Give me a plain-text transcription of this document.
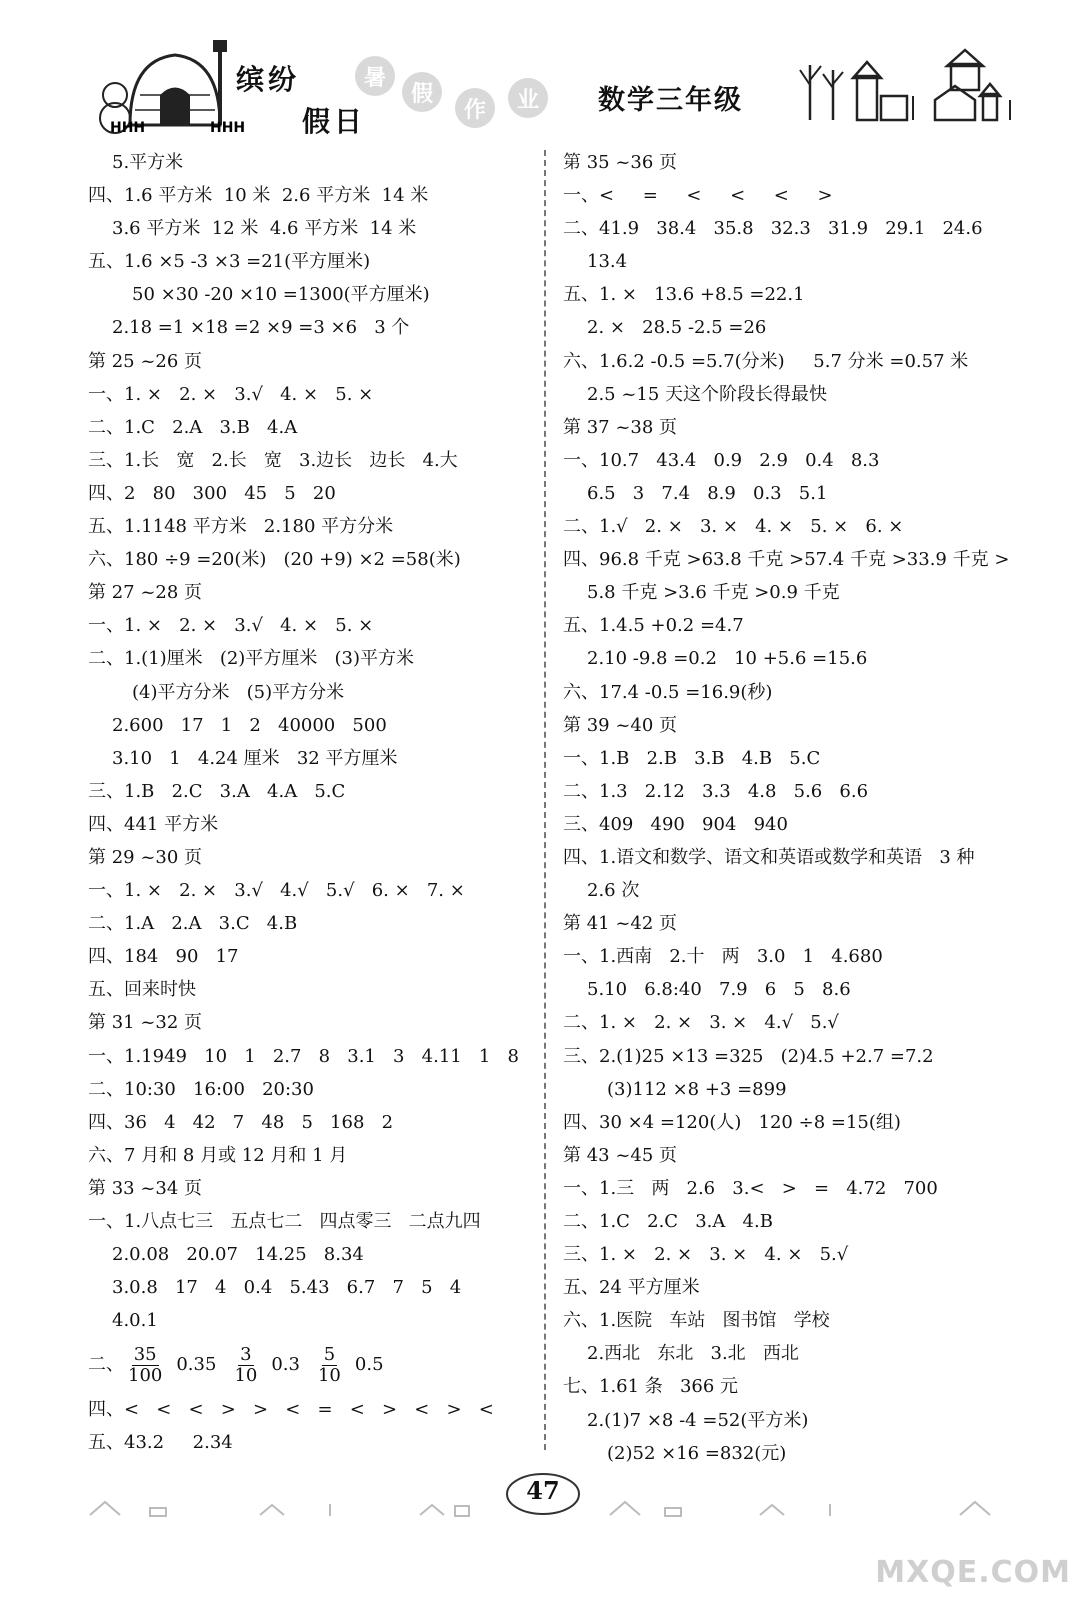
HHH	HHH
缤纷
假日
暑
假
作	业	数学三年级
5.平方米
四、1.6 平方米  10 米  2.6 平方米  14 米
3.6 平方米  12 米  4.6 平方米  14 米
五、1.6 ×5 -3 ×3 =21(平方厘米)
50 ×30 -20 ×10 =1300(平方厘米)
2.18 =1 ×18 =2 ×9 =3 ×6   3 个
第 25 ~26 页
一、1. ×   2. ×   3.√   4. ×   5. ×
二、1.C   2.A   3.B   4.A
三、1.长   宽   2.长   宽   3.边长   边长   4.大
四、2   80   300   45   5   20
五、1.1148 平方米   2.180 平方分米
六、180 ÷9 =20(米)   (20 +9) ×2 =58(米)
第 27 ~28 页
一、1. ×   2. ×   3.√   4. ×   5. ×
二、1.(1)厘米   (2)平方厘米   (3)平方米
(4)平方分米   (5)平方分米
2.600   17   1   2   40000   500
3.10   1   4.24 厘米   32 平方厘米
三、1.B   2.C   3.A   4.A   5.C
四、441 平方米
第 29 ~30 页
一、1. ×   2. ×   3.√   4.√   5.√   6. ×   7. ×
二、1.A   2.A   3.C   4.B
四、184   90   17
五、回来时快
第 31 ~32 页
一、1.1949   10   1   2.7   8   3.1   3   4.11   1   8
二、10:30   16:00   20:30
四、36   4   42   7   48   5   168   2
六、7 月和 8 月或 12 月和 1 月
第 33 ~34 页
一、1.八点七三   五点七二   四点零三   二点九四
2.0.08   20.07   14.25   8.34
3.0.8   17   4   0.4   5.43   6.7   7   5   4
4.0.1
二、 $\frac{35}{100} 0.35 \frac{3}{10} 0.3 \frac{5}{10} 0.5$
四、<   <   <   >   >   <   =   <   >   <   >   <
五、43.2     2.34
第 35 ~36 页
一、<     =     <     <     <     >
二、41.9   38.4   35.8   32.3   31.9   29.1   24.6
13.4
五、1. ×   13.6 +8.5 =22.1
2. ×   28.5 -2.5 =26
六、1.6.2 -0.5 =5.7(分米)     5.7 分米 =0.57 米
2.5 ~15 天这个阶段长得最快
第 37 ~38 页
一、10.7   43.4   0.9   2.9   0.4   8.3
6.5   3   7.4   8.9   0.3   5.1
二、1.√   2. ×   3. ×   4. ×   5. ×   6. ×
四、96.8 千克 >63.8 千克 >57.4 千克 >33.9 千克 >
5.8 千克 >3.6 千克 >0.9 千克
五、1.4.5 +0.2 =4.7
2.10 -9.8 =0.2   10 +5.6 =15.6
六、17.4 -0.5 =16.9(秒)
第 39 ~40 页
一、1.B   2.B   3.B   4.B   5.C
二、1.3   2.12   3.3   4.8   5.6   6.6
三、409   490   904   940
四、1.语文和数学、语文和英语或数学和英语   3 种
2.6 次
第 41 ~42 页
一、1.西南   2.十   两   3.0   1   4.680
5.10   6.8:40   7.9   6   5   8.6
二、1. ×   2. ×   3. ×   4.√   5.√
三、2.(1)25 ×13 =325   (2)4.5 +2.7 =7.2
(3)112 ×8 +3 =899
四、30 ×4 =120(人)   120 ÷8 =15(组)
第 43 ~45 页
一、1.三   两   2.6   3.<   >   =   4.72   700
二、1.C   2.C   3.A   4.B
三、1. ×   2. ×   3. ×   4. ×   5.√
五、24 平方厘米
六、1.医院   车站   图书馆   学校
2.西北   东北   3.北   西北
七、1.61 条   366 元
2.(1)7 ×8 -4 =52(平方米)
(2)52 ×16 =832(元)
47
MXQE.COM
